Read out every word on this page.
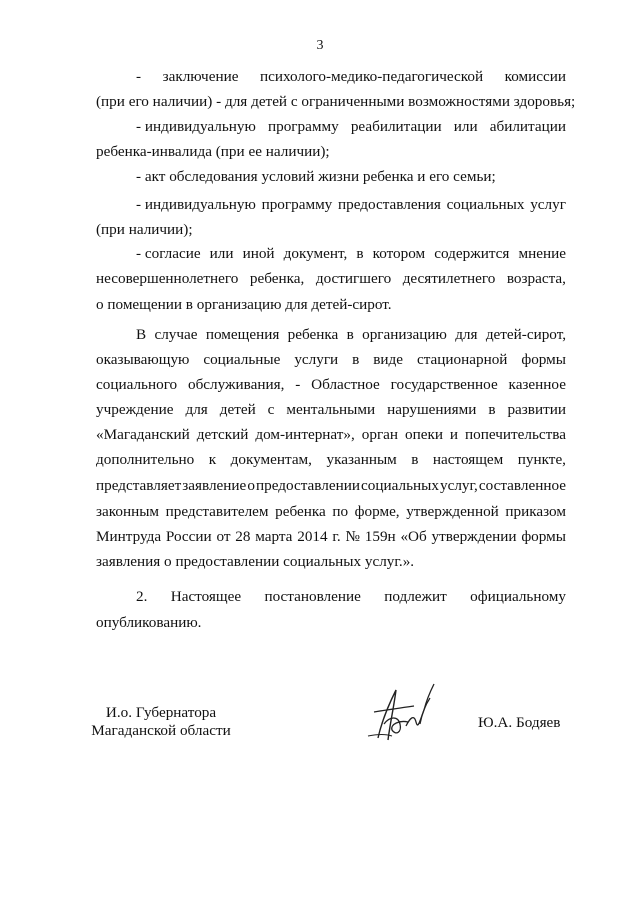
3
- заключение психолого-медико-педагогической комиссии
(при его наличии) - для детей с ограниченными возможностями здоровья;
- индивидуальную программу реабилитации или абилитации
ребенка-инвалида (при ее наличии);
- акт обследования условий жизни ребенка и его семьи;
- индивидуальную программу предоставления социальных услуг
(при наличии);
- согласие или иной документ, в котором содержится мнение
несовершеннолетнего ребенка, достигшего десятилетнего возраста,
о помещении в организацию для детей-сирот.
В случае помещения ребенка в организацию для детей-сирот,
оказывающую социальные услуги в виде стационарной формы
социального обслуживания, - Областное государственное казенное
учреждение для детей с ментальными нарушениями в развитии
«Магаданский детский дом-интернат», орган опеки и попечительства
дополнительно к документам, указанным в настоящем пункте,
представляет заявление о предоставлении социальных услуг, составленное
законным представителем ребенка по форме, утвержденной приказом
Минтруда России от 28 марта 2014 г. № 159н «Об утверждении формы
заявления о предоставлении социальных услуг.».
2. Настоящее постановление подлежит официальному
опубликованию.
И.о. Губернатора
Магаданской области	Ю.А. Бодяев
